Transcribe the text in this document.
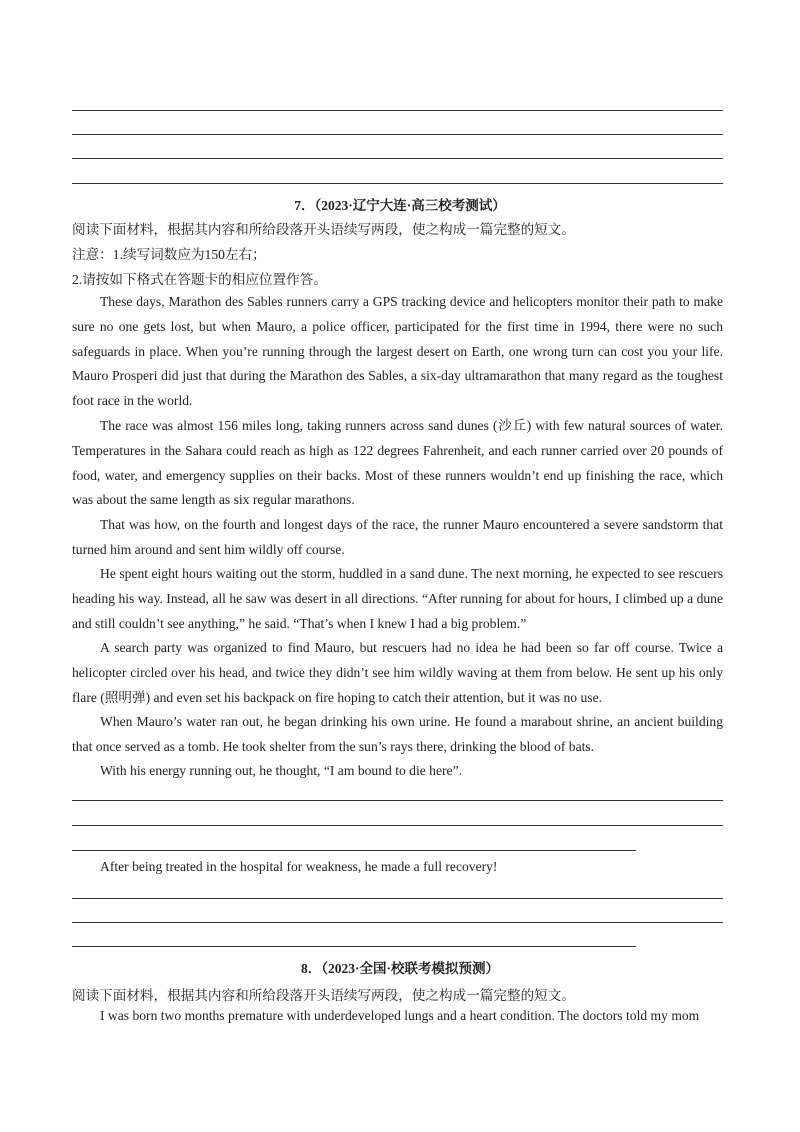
7．（2023·辽宁大连·高三校考测试）
阅读下面材料，根据其内容和所给段落开头语续写两段，使之构成一篇完整的短文。
注意：1.续写词数应为150左右；
2.请按如下格式在答题卡的相应位置作答。
These days, Marathon des Sables runners carry a GPS tracking device and helicopters monitor their path to make sure no one gets lost, but when Mauro, a police officer, participated for the first time in 1994, there were no such safeguards in place. When you’re running through the largest desert on Earth, one wrong turn can cost you your life. Mauro Prosperi did just that during the Marathon des Sables, a six-day ultramarathon that many regard as the toughest foot race in the world.
The race was almost 156 miles long, taking runners across sand dunes (沙丘) with few natural sources of water. Temperatures in the Sahara could reach as high as 122 degrees Fahrenheit, and each runner carried over 20 pounds of food, water, and emergency supplies on their backs. Most of these runners wouldn’t end up finishing the race, which was about the same length as six regular marathons.
That was how, on the fourth and longest days of the race, the runner Mauro encountered a severe sandstorm that turned him around and sent him wildly off course.
He spent eight hours waiting out the storm, huddled in a sand dune. The next morning, he expected to see rescuers heading his way. Instead, all he saw was desert in all directions. “After running for about for hours, I climbed up a dune and still couldn’t see anything,” he said. “That’s when I knew I had a big problem.”
A search party was organized to find Mauro, but rescuers had no idea he had been so far off course. Twice a helicopter circled over his head, and twice they didn’t see him wildly waving at them from below. He sent up his only flare (照明弹) and even set his backpack on fire hoping to catch their attention, but it was no use.
When Mauro’s water ran out, he began drinking his own urine. He found a marabout shrine, an ancient building that once served as a tomb. He took shelter from the sun’s rays there, drinking the blood of bats.
With his energy running out, he thought, “I am bound to die here”.
After being treated in the hospital for weakness, he made a full recovery!
8．（2023·全国·校联考模拟预测）
阅读下面材料，根据其内容和所给段落开头语续写两段，使之构成一篇完整的短文。
I was born two months premature with underdeveloped lungs and a heart condition. The doctors told my mom
